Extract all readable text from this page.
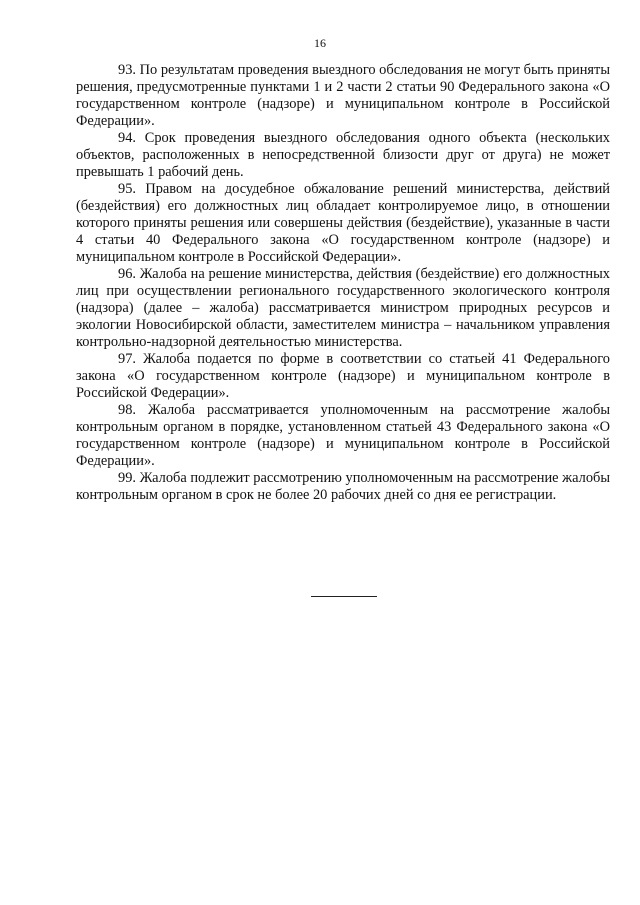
16

93. По результатам проведения выездного обследования не могут быть приняты решения, предусмотренные пунктами 1 и 2 части 2 статьи 90 Федерального закона «О государственном контроле (надзоре) и муниципальном контроле в Российской Федерации».

94. Срок проведения выездного обследования одного объекта (нескольких объектов, расположенных в непосредственной близости друг от друга) не может превышать 1 рабочий день.

95. Правом на досудебное обжалование решений министерства, действий (бездействия) его должностных лиц обладает контролируемое лицо, в отношении которого приняты решения или совершены действия (бездействие), указанные в части 4 статьи 40 Федерального закона «О государственном контроле (надзоре) и муниципальном контроле в Российской Федерации».

96. Жалоба на решение министерства, действия (бездействие) его должностных лиц при осуществлении регионального государственного экологического контроля (надзора) (далее – жалоба) рассматривается министром природных ресурсов и экологии Новосибирской области, заместителем министра – начальником управления контрольно-надзорной деятельностью министерства.

97. Жалоба подается по форме в соответствии со статьей 41 Федерального закона «О государственном контроле (надзоре) и муниципальном контроле в Российской Федерации».

98. Жалоба рассматривается уполномоченным на рассмотрение жалобы контрольным органом в порядке, установленном статьей 43 Федерального закона «О государственном контроле (надзоре) и муниципальном контроле в Российской Федерации».

99. Жалоба подлежит рассмотрению уполномоченным на рассмотрение жалобы контрольным органом в срок не более 20 рабочих дней со дня ее регистрации.
